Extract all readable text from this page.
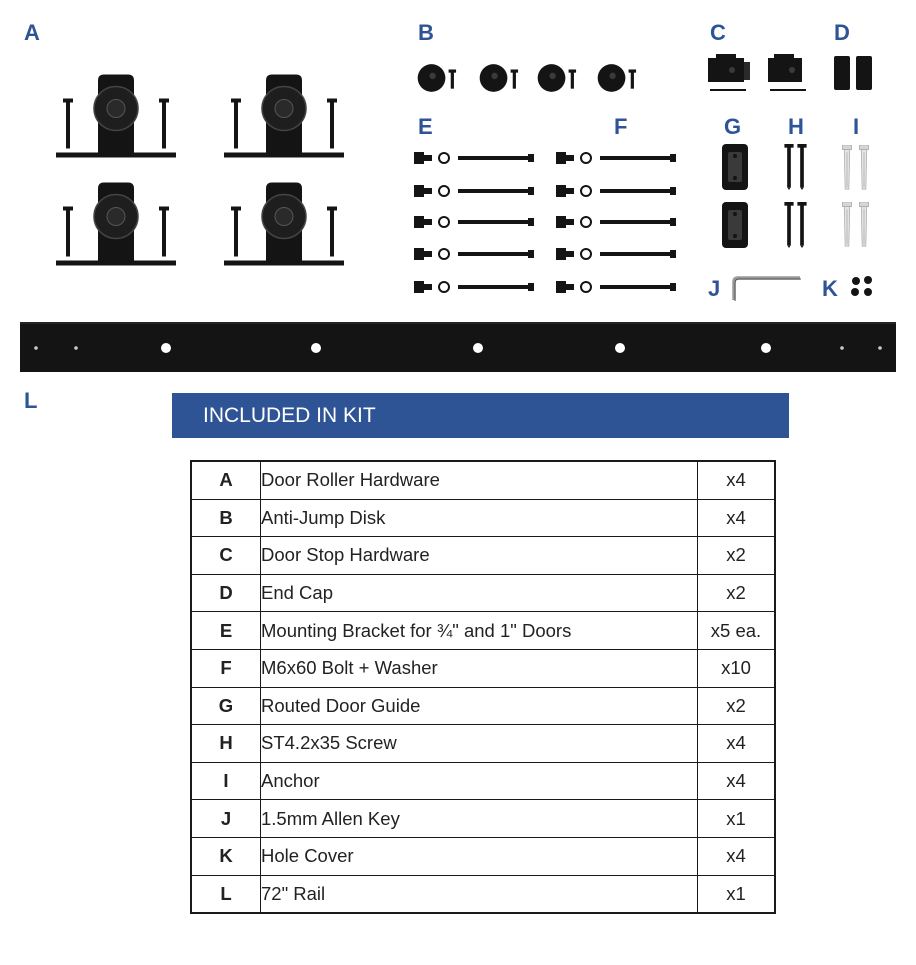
A	B	C	D
E	F	G H I
J	K
L
INCLUDED IN KIT
A	Door Roller Hardware	x4
B	Anti-Jump Disk	x4
C	Door Stop Hardware	x2
D	End Cap	x2
E	Mounting Bracket for ¾" and 1" Doors	x5 ea.
F	M6x60 Bolt + Washer	x10
G	Routed Door Guide	x2
H	ST4.2x35 Screw	x4
I	Anchor	x4
J	1.5mm Allen Key	x1
K	Hole Cover	x4
L	72" Rail	x1
